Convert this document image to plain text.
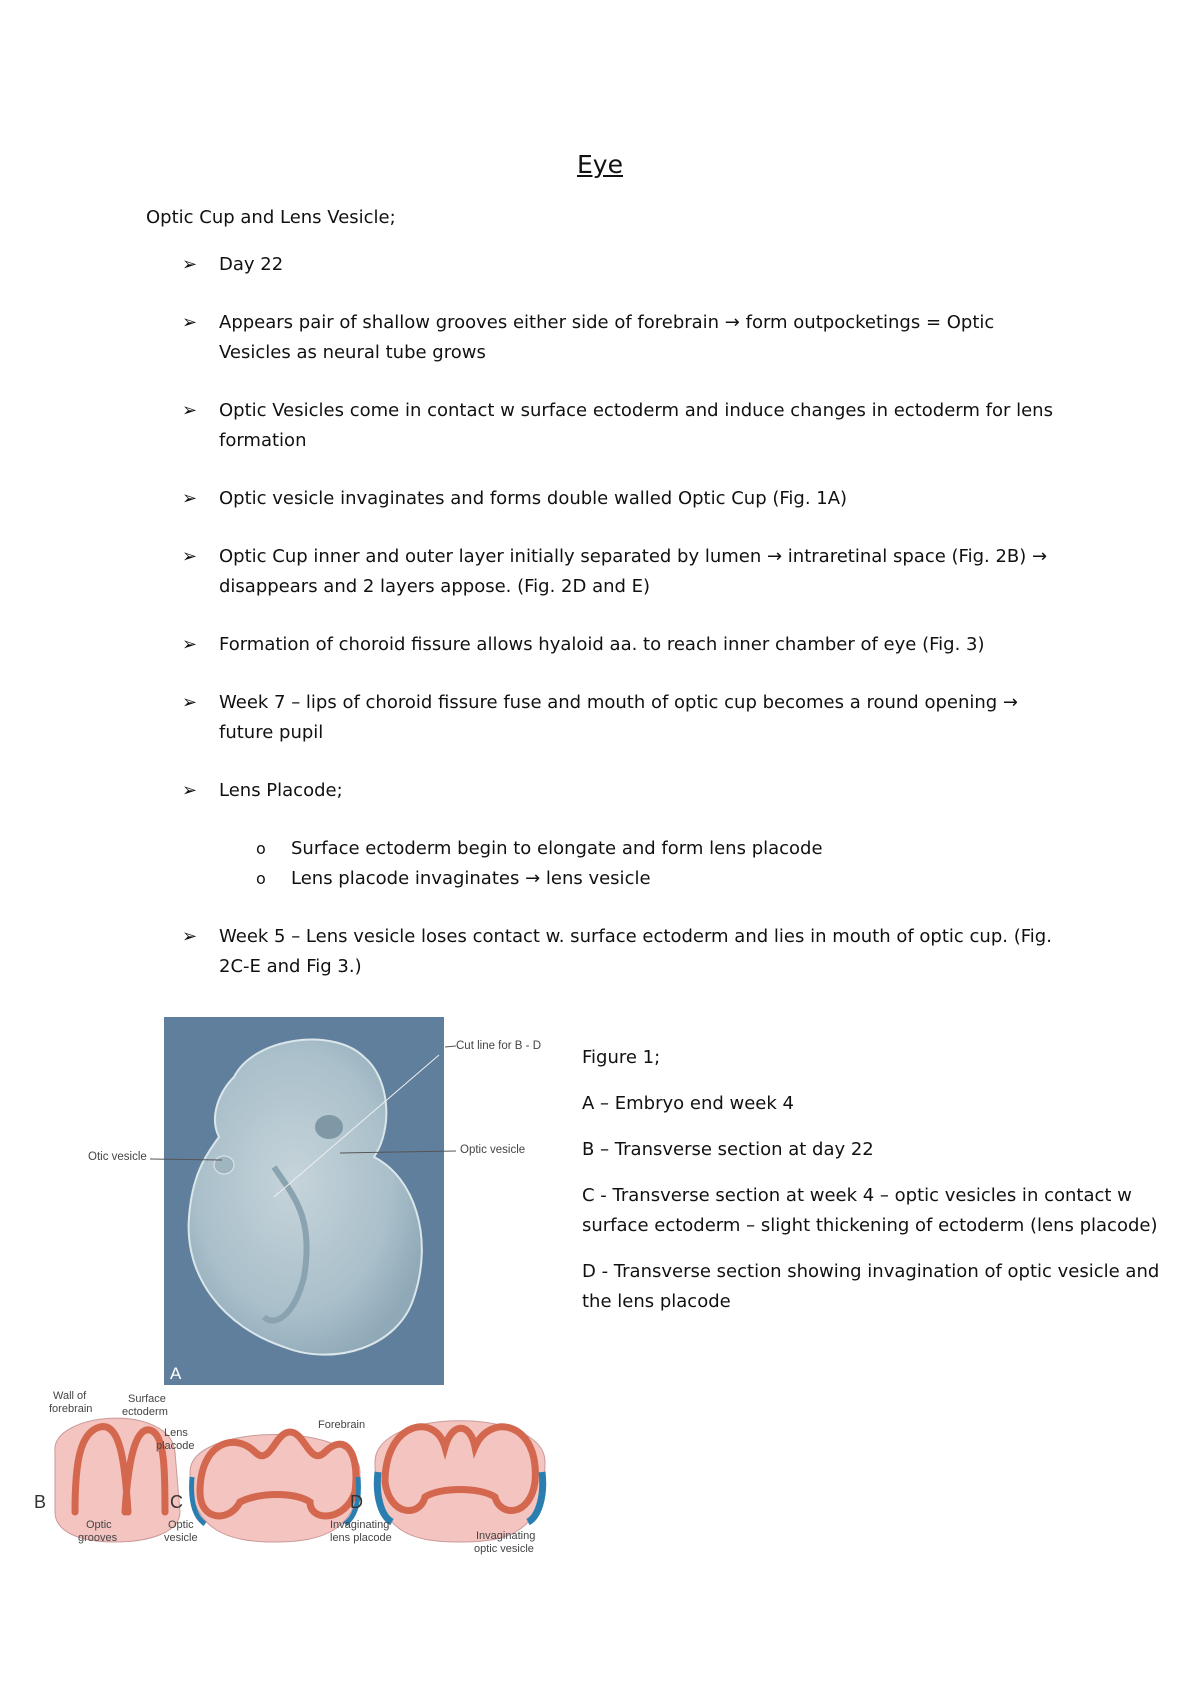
Eye
Optic Cup and Lens Vesicle;
➢ Day 22
➢ Appears pair of shallow grooves either side of forebrain → form outpocketings = Optic Vesicles as neural tube grows
➢ Optic Vesicles come in contact w surface ectoderm and induce changes in ectoderm for lens formation
➢ Optic vesicle invaginates and forms double walled Optic Cup (Fig. 1A)
➢ Optic Cup inner and outer layer initially separated by lumen → intraretinal space (Fig. 2B) → disappears and 2 layers appose. (Fig. 2D and E)
➢ Formation of choroid fissure allows hyaloid aa. to reach inner chamber of eye (Fig. 3)
➢ Week 7 – lips of choroid fissure fuse and mouth of optic cup becomes a round opening → future pupil
➢ Lens Placode;
o Surface ectoderm begin to elongate and form lens placode
o Lens placode invaginates → lens vesicle
➢ Week 5 – Lens vesicle loses contact w. surface ectoderm and lies in mouth of optic cup. (Fig. 2C-E and Fig 3.)
Cut line for B - D
Otic vesicle
Optic vesicle
A
Wall of
forebrain
Surface
ectoderm
Lens
placode
Forebrain
B	C	D
Optic
grooves
Optic
vesicle
Invaginating
lens placode	Invaginating
optic vesicle

Figure 1;

A – Embryo end week 4

B – Transverse section at day 22

C - Transverse section at week 4 – optic vesicles in contact w surface ectoderm – slight thickening of ectoderm (lens placode)

D - Transverse section showing invagination of optic vesicle and the lens placode
